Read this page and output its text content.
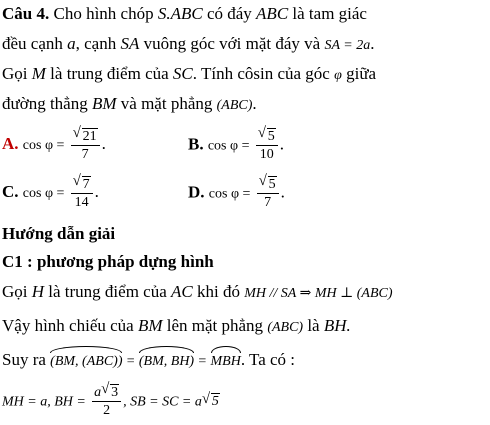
Câu 4. Cho hình chóp S.ABC có đáy ABC là tam giác
đều cạnh a, cạnh SA vuông góc với mặt đáy và SA = 2a.
Gọi M là trung điểm của SC. Tính côsin của góc φ giữa
đường thẳng BM và mặt phẳng (ABC).
A. $\cos \varphi = \frac{√ 21}{7}$ .	B. $\cos \varphi = \frac{√ 5}{10}$ .
C. $\cos \varphi = \frac{√ 7}{14}$ .	D. $\cos \varphi = \frac{√ 5}{7}$ .
Hướng dẫn giải
C1 : phương pháp dựng hình
Gọi H là trung điểm của AC khi đó MH // SA ⇒ MH ⊥ (ABC)
Vậy hình chiếu của BM lên mặt phẳng (ABC) là BH.
Suy ra (BM, (ABC)) = (BM, BH) = MBH. Ta có :
MH = a, BH = $\frac{a √ 3}{2}$ , SB = SC = a √ 5
